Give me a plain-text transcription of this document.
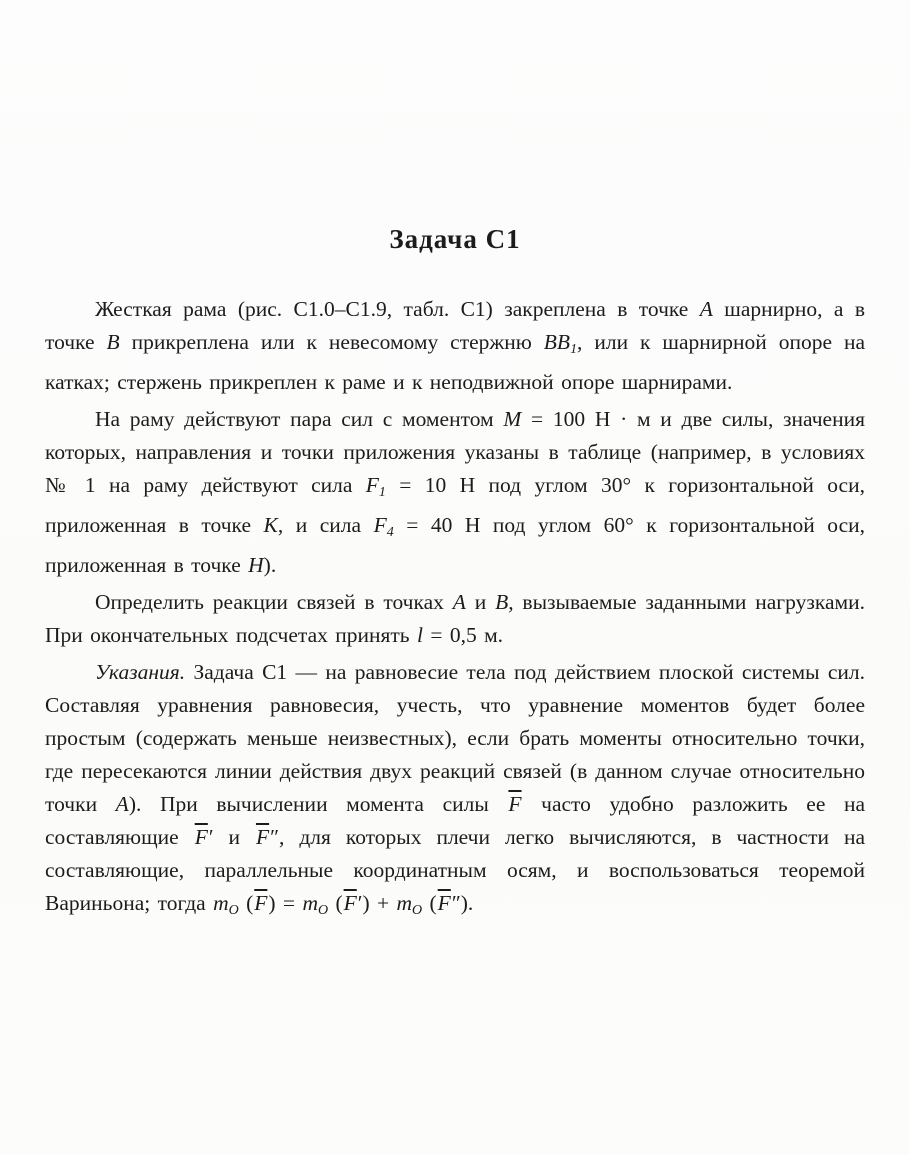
Задача С1

Жесткая рама (рис. С1.0–С1.9, табл. С1) закреплена в точке A шарнирно, а в точке B прикреплена или к невесомому стержню BB1, или к шарнирной опоре на катках; стержень прикреплен к раме и к неподвижной опоре шарнирами.

На раму действуют пара сил с моментом M = 100 Н · м и две силы, значения которых, направления и точки приложения указаны в таблице (например, в условиях № 1 на раму действуют сила F1 = 10 Н под углом 30° к горизонтальной оси, приложенная в точке K, и сила F4 = 40 Н под углом 60° к горизонтальной оси, приложенная в точке H).

Определить реакции связей в точках A и B, вызываемые заданными нагрузками. При окончательных подсчетах принять l = 0,5 м.

Указания. Задача С1 — на равновесие тела под действием плоской системы сил. Составляя уравнения равновесия, учесть, что уравнение моментов будет более простым (содержать меньше неизвестных), если брать моменты относительно точки, где пересекаются линии действия двух реакций связей (в данном случае относительно точки A). При вычислении момента силы $\overline{F}$ часто удобно разложить ее на составляющие $\overline{F}'$ и $\overline{F}''$, для которых плечи легко вычисляются, в частности на составляющие, параллельные координатным осям, и воспользоваться теоремой Вариньона; тогда mO $(\overline{F})$ = mO $(\overline{F}')$ + mO $(\overline{F}'')$.
